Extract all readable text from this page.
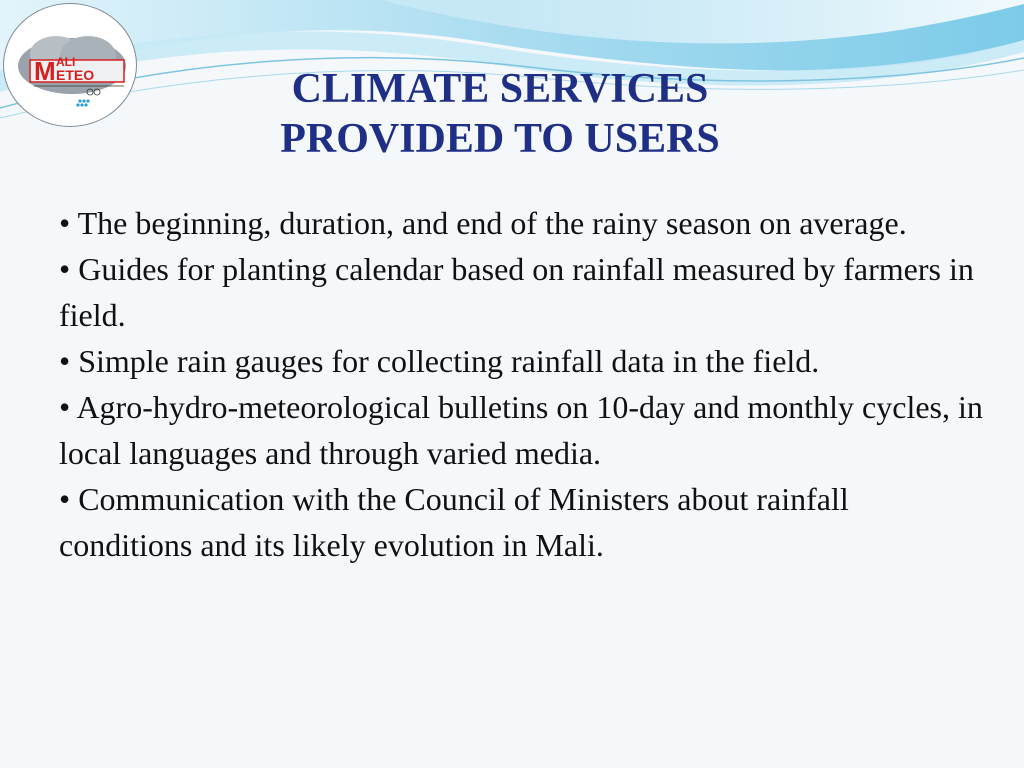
M ALI
ETEO	CLIMATE SERVICES
PROVIDED TO USERS
• The beginning, duration, and end of the rainy season on average.
• Guides for planting calendar based on rainfall measured by farmers in field.
• Simple rain gauges for collecting rainfall data in the field.
• Agro-hydro-meteorological bulletins on 10-day and monthly cycles, in local languages and through varied media.
• Communication with the Council of Ministers about rainfall conditions and its likely evolution in Mali.
